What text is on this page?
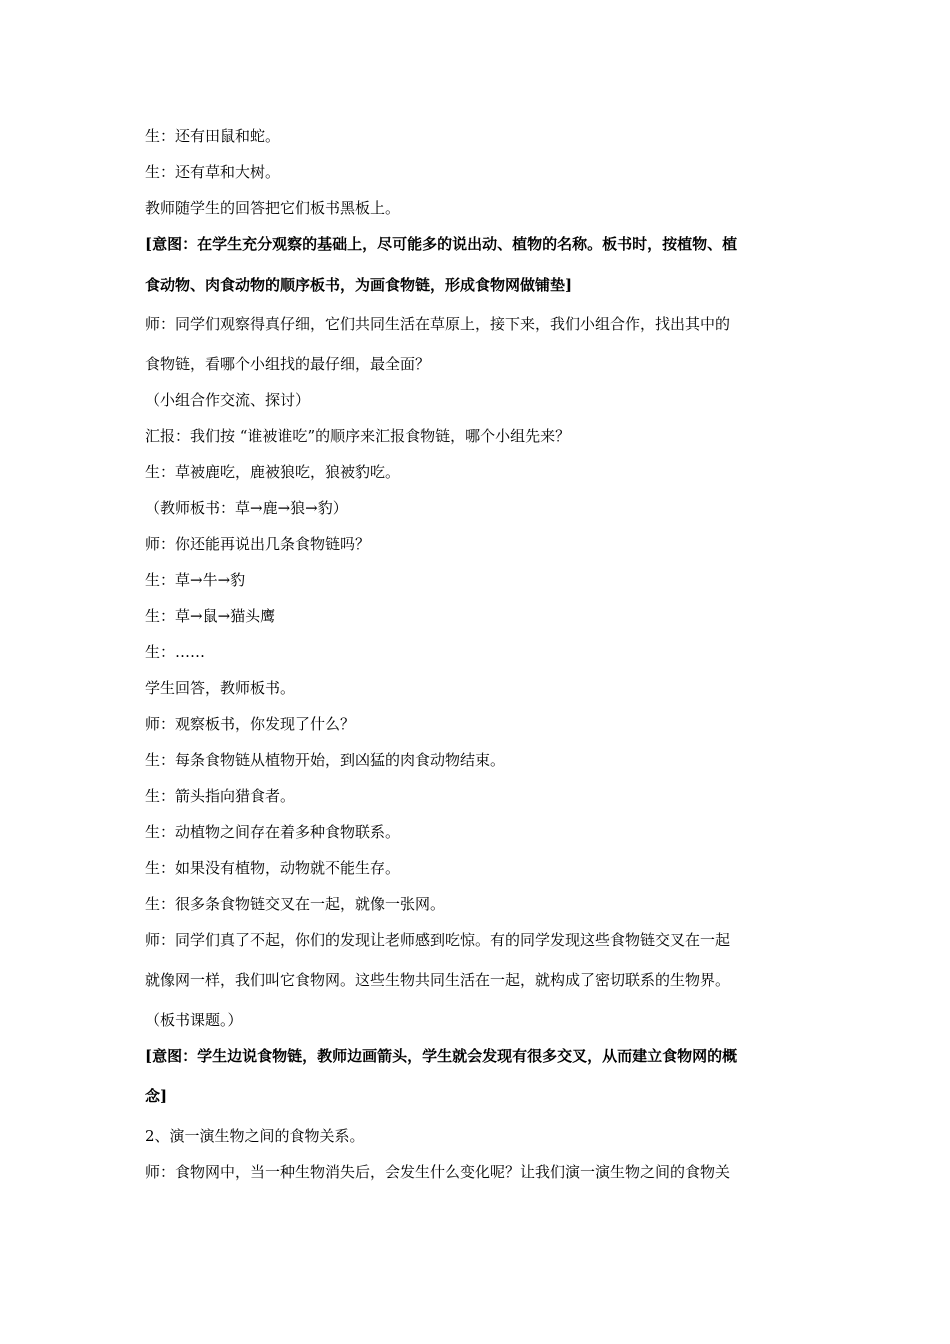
生：还有田鼠和蛇。
生：还有草和大树。
教师随学生的回答把它们板书黑板上。
[意图：在学生充分观察的基础上，尽可能多的说出动、植物的名称。板书时，按植物、植
食动物、肉食动物的顺序板书，为画食物链，形成食物网做铺垫]
师：同学们观察得真仔细，它们共同生活在草原上，接下来，我们小组合作，找出其中的
食物链，看哪个小组找的最仔细，最全面？
（小组合作交流、探讨）
汇报：我们按 “谁被谁吃”的顺序来汇报食物链，哪个小组先来？
生：草被鹿吃，鹿被狼吃，狼被豹吃。
（教师板书：草→鹿→狼→豹）
师：你还能再说出几条食物链吗？
生：草→牛→豹
生：草→鼠→猫头鹰
生：……
学生回答，教师板书。
师：观察板书，你发现了什么？
生：每条食物链从植物开始，到凶猛的肉食动物结束。
生：箭头指向猎食者。
生：动植物之间存在着多种食物联系。
生：如果没有植物，动物就不能生存。
生：很多条食物链交叉在一起，就像一张网。
师：同学们真了不起，你们的发现让老师感到吃惊。有的同学发现这些食物链交叉在一起
就像网一样，我们叫它食物网。这些生物共同生活在一起，就构成了密切联系的生物界。
（板书课题。）
[意图：学生边说食物链，教师边画箭头，学生就会发现有很多交叉，从而建立食物网的概
念]
2、演一演生物之间的食物关系。
师：食物网中，当一种生物消失后，会发生什么变化呢？让我们演一演生物之间的食物关
